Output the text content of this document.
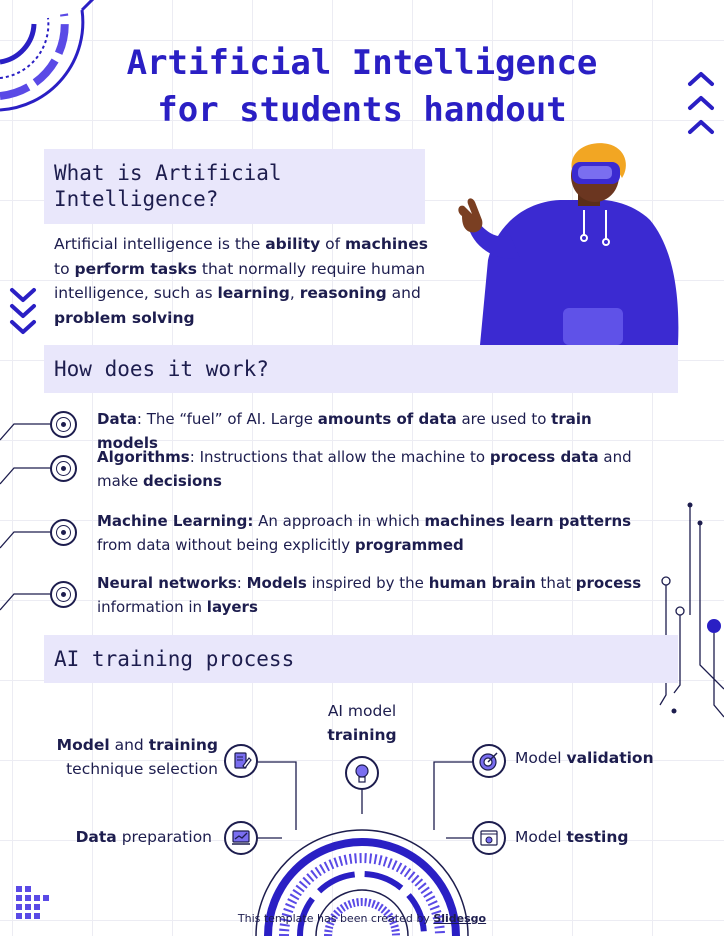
Artificial Intelligence
for students handout
What is Artificial
Intelligence?
Artificial intelligence is the ability of machines to perform tasks that normally require human intelligence, such as learning, reasoning and problem solving
How does it work?
Data: The “fuel” of AI. Large amounts of data are used to train models
Algorithms: Instructions that allow the machine to process data and make decisions
Machine Learning: An approach in which machines learn patterns from data without being explicitly programmed
Neural networks: Models inspired by the human brain that process information in layers
AI training process
AI model
training
Model and training technique selection
Data preparation
Model validation
Model testing
This template has been created by Slidesgo
